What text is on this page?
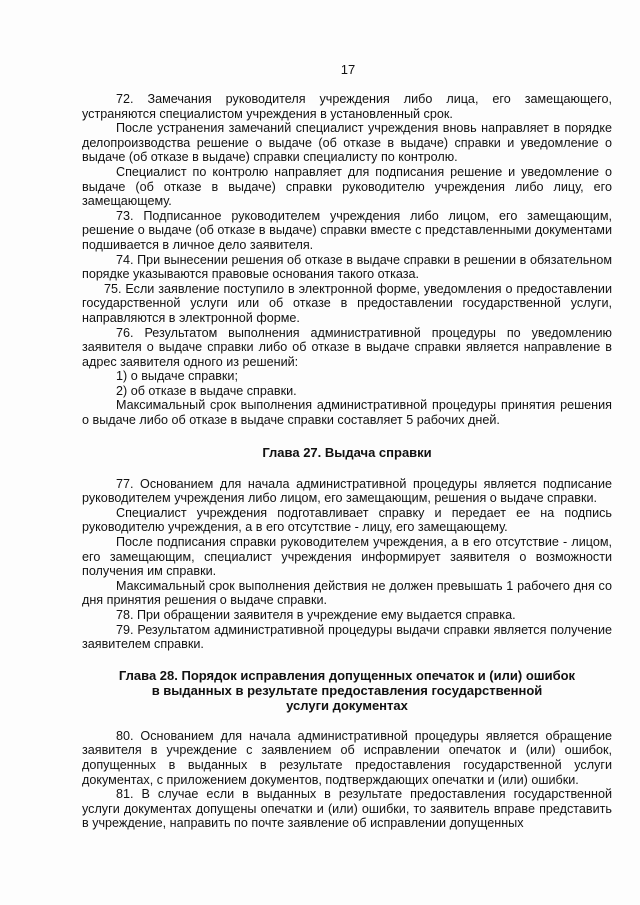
17

72. Замечания руководителя учреждения либо лица, его замещающего, устраняются специалистом учреждения в установленный срок.

После устранения замечаний специалист учреждения вновь направляет в порядке делопроизводства решение о выдаче (об отказе в выдаче) справки и уведомление о выдаче (об отказе в выдаче) справки специалисту по контролю.

Специалист по контролю направляет для подписания решение и уведомление о выдаче (об отказе в выдаче) справки руководителю учреждения либо лицу, его замещающему.

73. Подписанное руководителем учреждения либо лицом, его замещающим, решение о выдаче (об отказе в выдаче) справки вместе с представленными документами подшивается в личное дело заявителя.

74. При вынесении решения об отказе в выдаче справки в решении в обязательном порядке указываются правовые основания такого отказа.

75. Если заявление поступило в электронной форме, уведомления о предоставлении государственной услуги или об отказе в предоставлении государственной услуги, направляются в электронной форме.

76. Результатом выполнения административной процедуры по уведомлению заявителя о выдаче справки либо об отказе в выдаче справки является направление в адрес заявителя одного из решений:

1) о выдаче справки;

2) об отказе в выдаче справки.

Максимальный срок выполнения административной процедуры принятия решения о выдаче либо об отказе в выдаче справки составляет 5 рабочих дней.

Глава 27. Выдача справки

77. Основанием для начала административной процедуры является подписание руководителем учреждения либо лицом, его замещающим, решения о выдаче справки.

Специалист учреждения подготавливает справку и передает ее на подпись руководителю учреждения, а в его отсутствие - лицу, его замещающему.

После подписания справки руководителем учреждения, а в его отсутствие - лицом, его замещающим, специалист учреждения информирует заявителя о возможности получения им справки.

Максимальный срок выполнения действия не должен превышать 1 рабочего дня со дня принятия решения о выдаче справки.

78. При обращении заявителя в учреждение ему выдается справка.

79. Результатом административной процедуры выдачи справки является получение заявителем справки.

Глава 28. Порядок исправления допущенных опечаток и (или) ошибок
в выданных в результате предоставления государственной
услуги документах

80. Основанием для начала административной процедуры является обращение заявителя в учреждение с заявлением об исправлении опечаток и (или) ошибок, допущенных в выданных в результате предоставления государственной услуги документах, с приложением документов, подтверждающих опечатки и (или) ошибки.

81. В случае если в выданных в результате предоставления государственной услуги документах допущены опечатки и (или) ошибки, то заявитель вправе представить в учреждение, направить по почте заявление об исправлении допущенных
